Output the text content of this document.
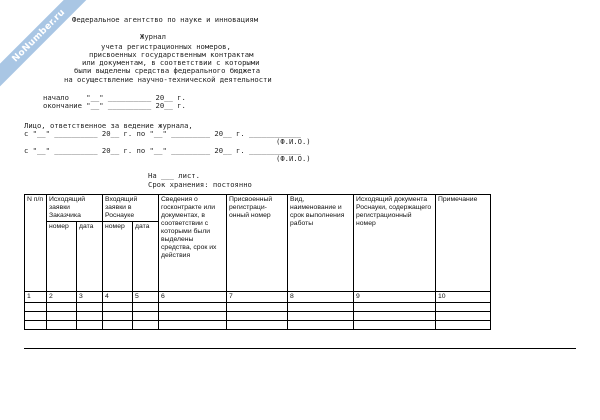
NoNumber.ru Федеральное агентство по науке и инновациям
Журнал
учета регистрационных номеров,
присвоенных государственным контрактам
или документам, в соответствии с которыми
были выделены средства федерального бюджета
на осуществление научно-технической деятельности
начало    "__" __________ 20__ г.
окончание "__" __________ 20__ г.
Лицо, ответственное за ведение журнала,
с "__" __________ 20__ г. по "__" _________ 20__ г. ____________
(Ф.И.О.)
с "__" __________ 20__ г. по "__" _________ 20__ г. ____________
(Ф.И.О.)
На ___ лист.
Срок хранения: постоянно
N п/п	Исходящий заявки Заказчика		Входящий заявки в Роснауке		Сведения о госконтракте или документах, в соответствии с которыми были выделены средства, срок их действия	Присвоенный регистраци-онный номер	Вид, наименование и срок выполнения работы	Исходящий документа Роснауки, содержащего регистрационный номер	Примечание
	номер	дата	номер	дата					
1	2	3	4	5	6	7	8	9	10
